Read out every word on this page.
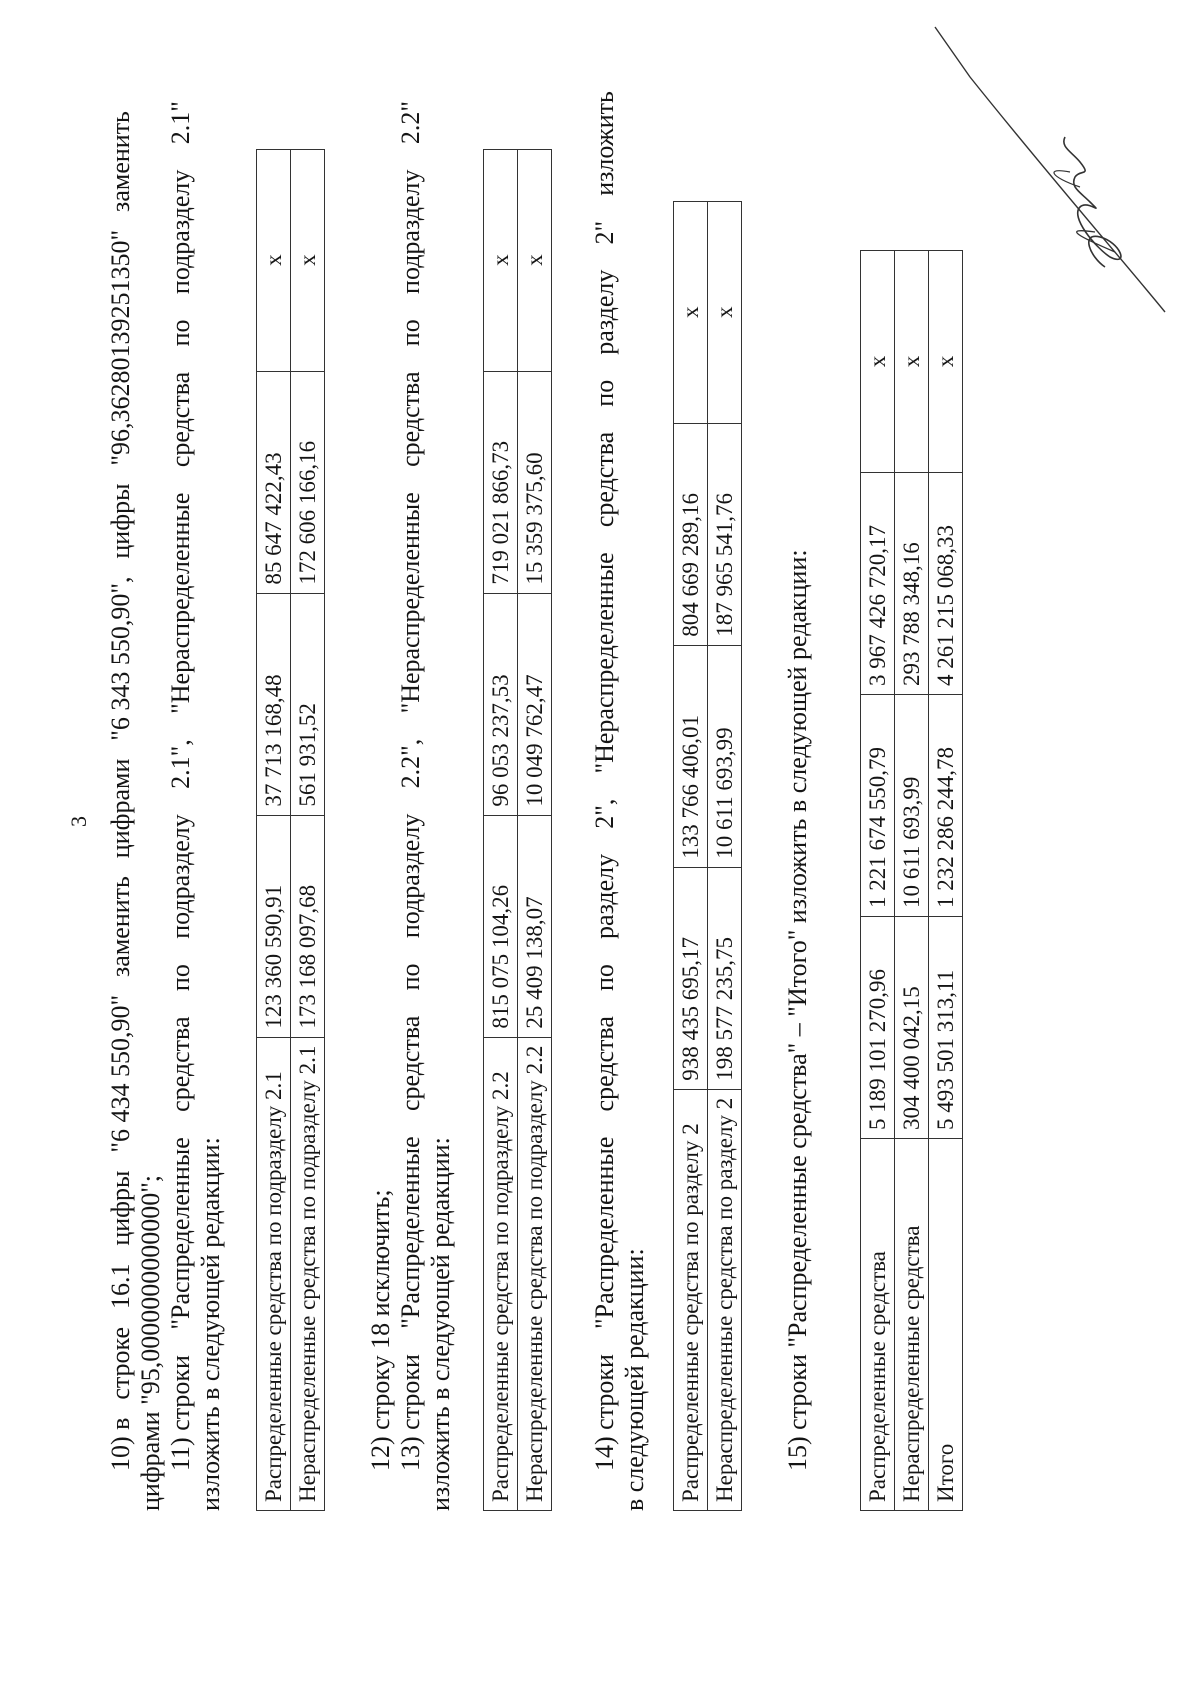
3
10) в
строке
16.1
цифры
"6 434 550,90"
заменить
цифрами
"6 343 550,90",
цифры
"96,36280139251350"
заменить
цифрами "95,0000000000000"; 11) строки
"Распределенные
средства
по
подразделу
2.1",
"Нераспределенные
средства
по
подразделу
2.1"
изложить в следующей редакции: Распределенные средства по подразделу 2.1	123 360 590,91	37 713 168,48	85 647 422,43	x
Нераспределенные средства по подразделу 2.1	173 168 097,68	561 931,52	172 606 166,16	x
12) строку 18 исключить; 13) строки
"Распределенные
средства
по
подразделу
2.2",
"Нераспределенные
средства
по
подразделу
2.2"
изложить в следующей редакции: Распределенные средства по подразделу 2.2	815 075 104,26	96 053 237,53	719 021 866,73	x
Нераспределенные средства по подразделу 2.2	25 409 138,07	10 049 762,47	15 359 375,60	x
14) строки
"Распределенные
средства
по
разделу
2",
"Нераспределенные
средства
по
разделу
2"
изложить
в следующей редакции: Распределенные средства по разделу 2	938 435 695,17	133 766 406,01	804 669 289,16	x
Нераспределенные средства по разделу 2	198 577 235,75	10 611 693,99	187 965 541,76	x
15) строки "Распределенные средства" – "Итого" изложить в следующей редакции: Распределенные средства	5 189 101 270,96	1 221 674 550,79	3 967 426 720,17	x
Нераспределенные средства	304 400 042,15	10 611 693,99	293 788 348,16	x
Итого	5 493 501 313,11	1 232 286 244,78	4 261 215 068,33	x
